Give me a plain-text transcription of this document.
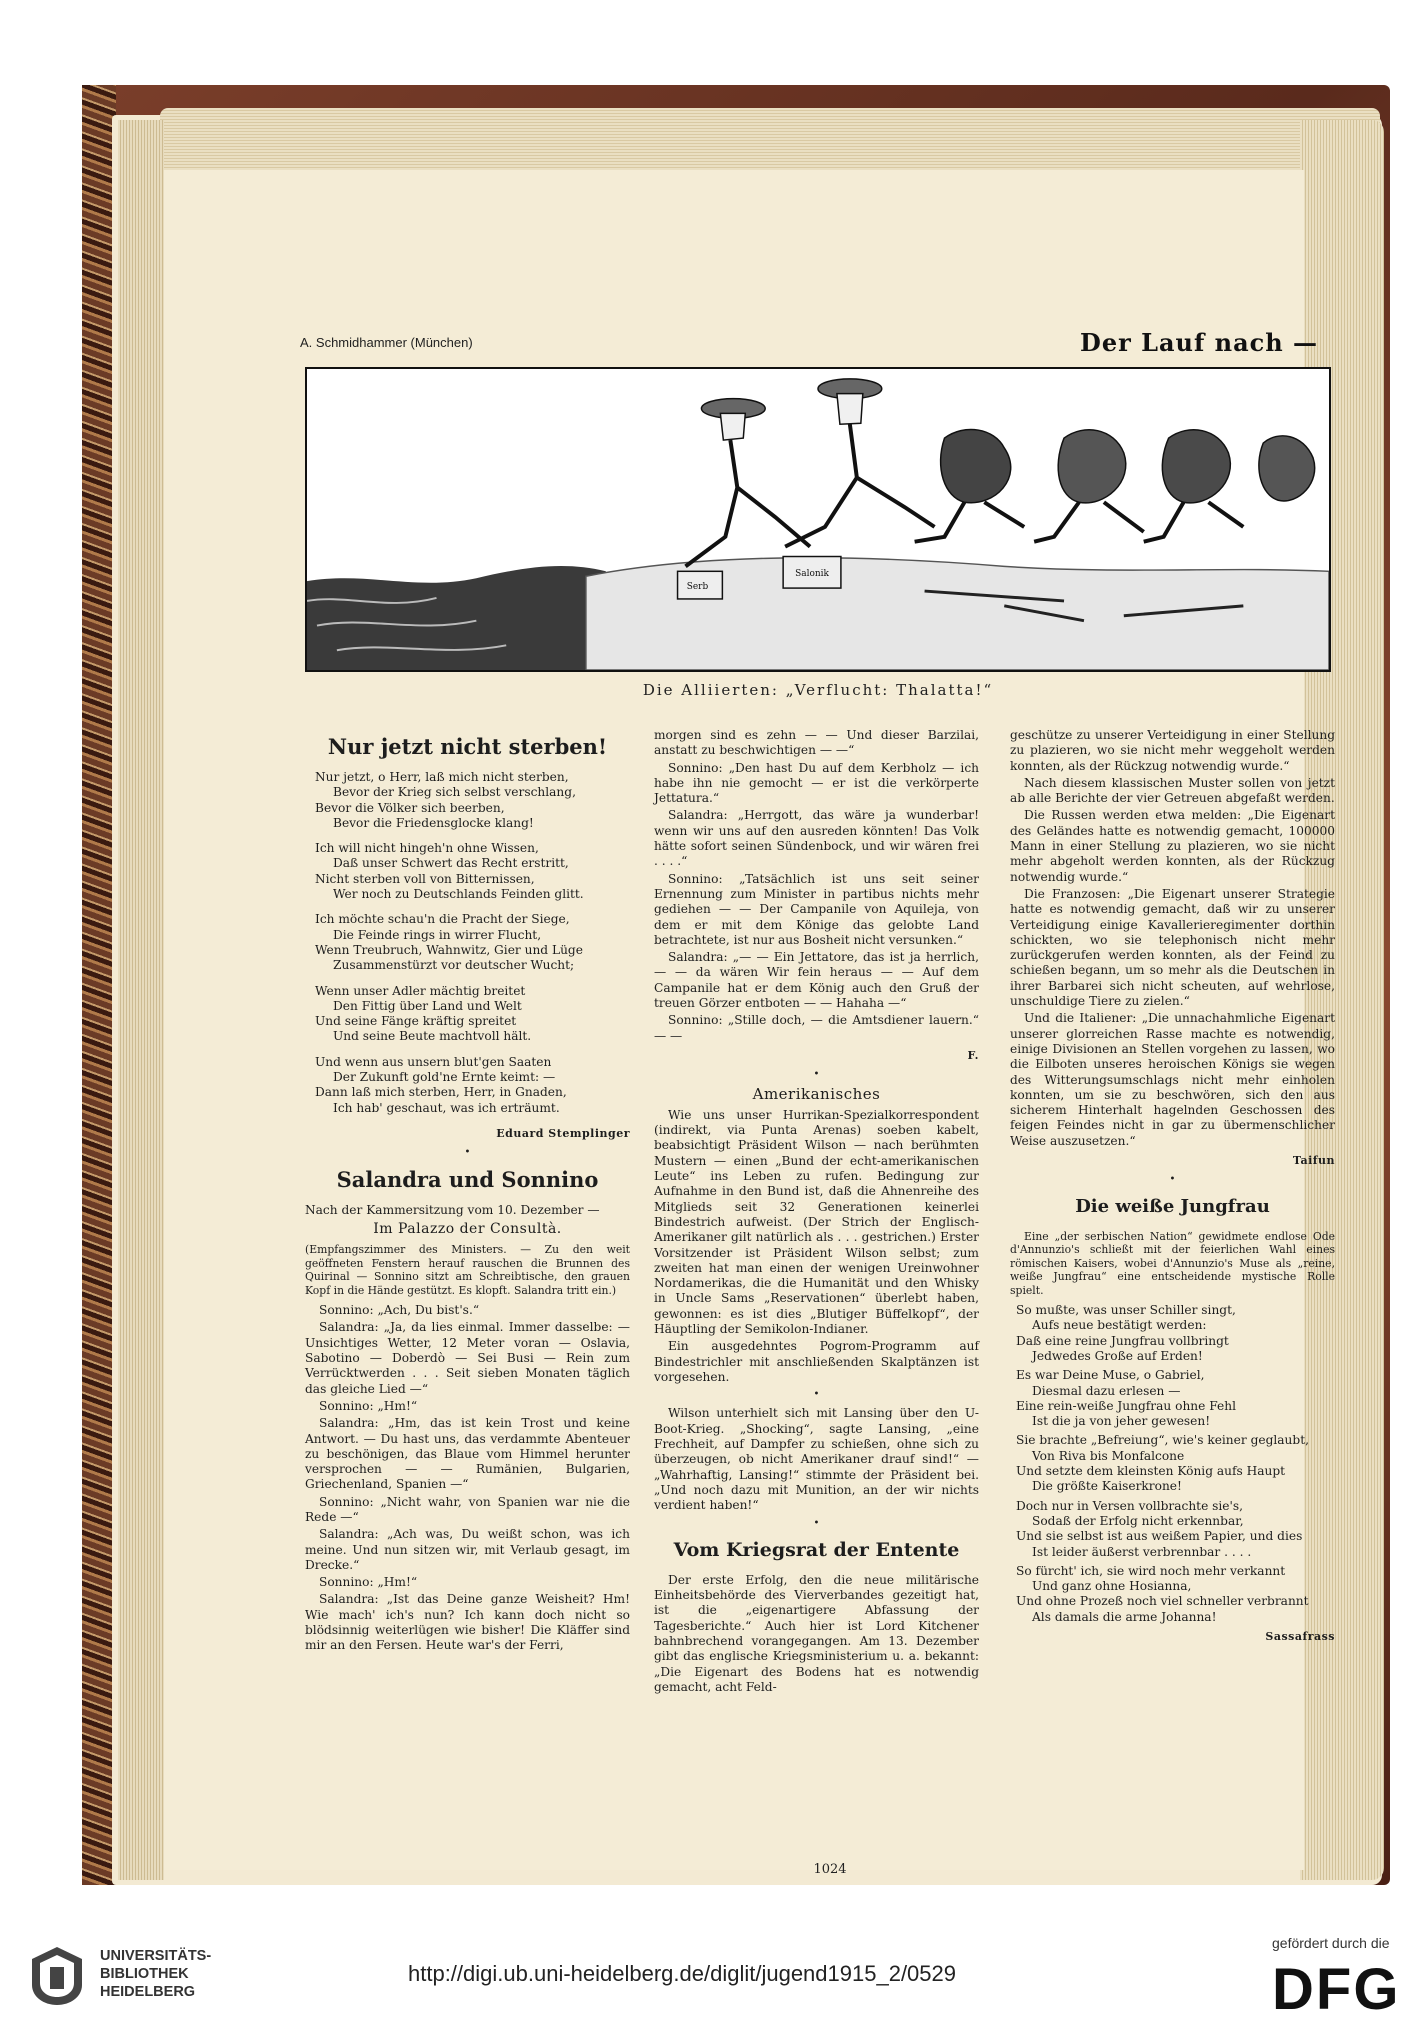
A. Schmidhammer (München)	Der Lauf nach —
Serb
Salonik
Die Alliierten: „Verflucht: Thalatta!“
Nur jetzt nicht sterben!
Nur jetzt, o Herr, laß mich nicht sterben,
Bevor der Krieg sich selbst verschlang,
Bevor die Völker sich beerben,
Bevor die Friedensglocke klang!
Ich will nicht hingeh'n ohne Wissen,
Daß unser Schwert das Recht erstritt,
Nicht sterben voll von Bitternissen,
Wer noch zu Deutschlands Feinden glitt.
Ich möchte schau'n die Pracht der Siege,
Die Feinde rings in wirrer Flucht,
Wenn Treubruch, Wahnwitz, Gier und Lüge
Zusammenstürzt vor deutscher Wucht;
Wenn unser Adler mächtig breitet
Den Fittig über Land und Welt
Und seine Fänge kräftig spreitet
Und seine Beute machtvoll hält.
Und wenn aus unsern blut'gen Saaten
Der Zukunft gold'ne Ernte keimt: —
Dann laß mich sterben, Herr, in Gnaden,
Ich hab' geschaut, was ich erträumt.
Eduard Stemplinger
•
Salandra und Sonnino
Nach der Kammersitzung vom 10. Dezember —
Im Palazzo der Consultà.
(Empfangszimmer des Ministers. — Zu den weit geöffneten Fenstern herauf rauschen die Brunnen des Quirinal — Sonnino sitzt am Schreibtische, den grauen Kopf in die Hände gestützt. Es klopft. Salandra tritt ein.)
Sonnino: „Ach, Du bist's.“
Salandra: „Ja, da lies einmal. Immer dasselbe: — Unsichtiges Wetter, 12 Meter voran — Oslavia, Sabotino — Doberdò — Sei Busi — Rein zum Verrücktwerden . . . Seit sieben Monaten täglich das gleiche Lied —“
Sonnino: „Hm!“
Salandra: „Hm, das ist kein Trost und keine Antwort. — Du hast uns, das verdammte Abenteuer zu beschönigen, das Blaue vom Himmel herunter versprochen — — Rumänien, Bulgarien, Griechenland, Spanien —“
Sonnino: „Nicht wahr, von Spanien war nie die Rede —“
Salandra: „Ach was, Du weißt schon, was ich meine. Und nun sitzen wir, mit Verlaub gesagt, im Drecke.“
Sonnino: „Hm!“
Salandra: „Ist das Deine ganze Weisheit? Hm! Wie mach' ich's nun? Ich kann doch nicht so blödsinnig weiterlügen wie bisher! Die Kläffer sind mir an den Fersen. Heute war's der Ferri,
morgen sind es zehn — — Und dieser Barzilai, anstatt zu beschwichtigen — —“
Sonnino: „Den hast Du auf dem Kerbholz — ich habe ihn nie gemocht — er ist die verkörperte Jettatura.“
Salandra: „Herrgott, das wäre ja wunderbar! wenn wir uns auf den ausreden könnten! Das Volk hätte sofort seinen Sündenbock, und wir wären frei . . . .“
Sonnino: „Tatsächlich ist uns seit seiner Ernennung zum Minister in partibus nichts mehr gediehen — — Der Campanile von Aquileja, von dem er mit dem Könige das gelobte Land betrachtete, ist nur aus Bosheit nicht versunken.“
Salandra: „— — Ein Jettatore, das ist ja herrlich, — — da wären Wir fein heraus — — Auf dem Campanile hat er dem König auch den Gruß der treuen Görzer entboten — — Hahaha —“
Sonnino: „Stille doch, — die Amtsdiener lauern.“ — —
F.
•
Amerikanisches
Wie uns unser Hurrikan-Spezialkorrespondent (indirekt, via Punta Arenas) soeben kabelt, beabsichtigt Präsident Wilson — nach berühmten Mustern — einen „Bund der echt-amerikanischen Leute“ ins Leben zu rufen. Bedingung zur Aufnahme in den Bund ist, daß die Ahnenreihe des Mitglieds seit 32 Generationen keinerlei Bindestrich aufweist. (Der Strich der Englisch-Amerikaner gilt natürlich als . . . gestrichen.) Erster Vorsitzender ist Präsident Wilson selbst; zum zweiten hat man einen der wenigen Ureinwohner Nordamerikas, die die Humanität und den Whisky in Uncle Sams „Reservationen“ überlebt haben, gewonnen: es ist dies „Blutiger Büffelkopf“, der Häuptling der Semikolon-Indianer.
Ein ausgedehntes Pogrom-Programm auf Bindestrichler mit anschließenden Skalptänzen ist vorgesehen.
•
Wilson unterhielt sich mit Lansing über den U-Boot-Krieg. „Shocking“, sagte Lansing, „eine Frechheit, auf Dampfer zu schießen, ohne sich zu überzeugen, ob nicht Amerikaner drauf sind!“ — „Wahrhaftig, Lansing!“ stimmte der Präsident bei. „Und noch dazu mit Munition, an der wir nichts verdient haben!“
•
Vom Kriegsrat der Entente
Der erste Erfolg, den die neue militärische Einheitsbehörde des Vierverbandes gezeitigt hat, ist die „eigenartigere Abfassung der Tagesberichte.“ Auch hier ist Lord Kitchener bahnbrechend vorangegangen. Am 13. Dezember gibt das englische Kriegsministerium u. a. bekannt: „Die Eigenart des Bodens hat es notwendig gemacht, acht Feld-
geschütze zu unserer Verteidigung in einer Stellung zu plazieren, wo sie nicht mehr weggeholt werden konnten, als der Rückzug notwendig wurde.“
Nach diesem klassischen Muster sollen von jetzt ab alle Berichte der vier Getreuen abgefaßt werden.
Die Russen werden etwa melden: „Die Eigenart des Geländes hatte es notwendig gemacht, 100000 Mann in einer Stellung zu plazieren, wo sie nicht mehr abgeholt werden konnten, als der Rückzug notwendig wurde.“
Die Franzosen: „Die Eigenart unserer Strategie hatte es notwendig gemacht, daß wir zu unserer Verteidigung einige Kavallerieregimenter dorthin schickten, wo sie telephonisch nicht mehr zurückgerufen werden konnten, als der Feind zu schießen begann, um so mehr als die Deutschen in ihrer Barbarei sich nicht scheuten, auf wehrlose, unschuldige Tiere zu zielen.“
Und die Italiener: „Die unnachahmliche Eigenart unserer glorreichen Rasse machte es notwendig, einige Divisionen an Stellen vorgehen zu lassen, wo die Eilboten unseres heroischen Königs sie wegen des Witterungsumschlags nicht mehr einholen konnten, um sie zu beschwören, sich den aus sicherem Hinterhalt hagelnden Geschossen des feigen Feindes nicht in gar zu übermenschlicher Weise auszusetzen.“
Taifun
•
Die weiße Jungfrau
Eine „der serbischen Nation“ gewidmete endlose Ode d'Annunzio's schließt mit der feierlichen Wahl eines römischen Kaisers, wobei d'Annunzio's Muse als „reine, weiße Jungfrau“ eine entscheidende mystische Rolle spielt.
So mußte, was unser Schiller singt,
Aufs neue bestätigt werden:
Daß eine reine Jungfrau vollbringt
Jedwedes Große auf Erden!
Es war Deine Muse, o Gabriel,
Diesmal dazu erlesen —
Eine rein-weiße Jungfrau ohne Fehl
Ist die ja von jeher gewesen!
Sie brachte „Befreiung“, wie's keiner geglaubt,
Von Riva bis Monfalcone
Und setzte dem kleinsten König aufs Haupt
Die größte Kaiserkrone!
Doch nur in Versen vollbrachte sie's,
Sodaß der Erfolg nicht erkennbar,
Und sie selbst ist aus weißem Papier, und dies
Ist leider äußerst verbrennbar . . . .
So fürcht' ich, sie wird noch mehr verkannt
Und ganz ohne Hosianna,
Und ohne Prozeß noch viel schneller verbrannt
Als damals die arme Johanna!
Sassafrass
1024
UNIVERSITÄTS-
BIBLIOTHEK
HEIDELBERG
http://digi.ub.uni-heidelberg.de/diglit/jugend1915_2/0529
gefördert durch die
DFG
